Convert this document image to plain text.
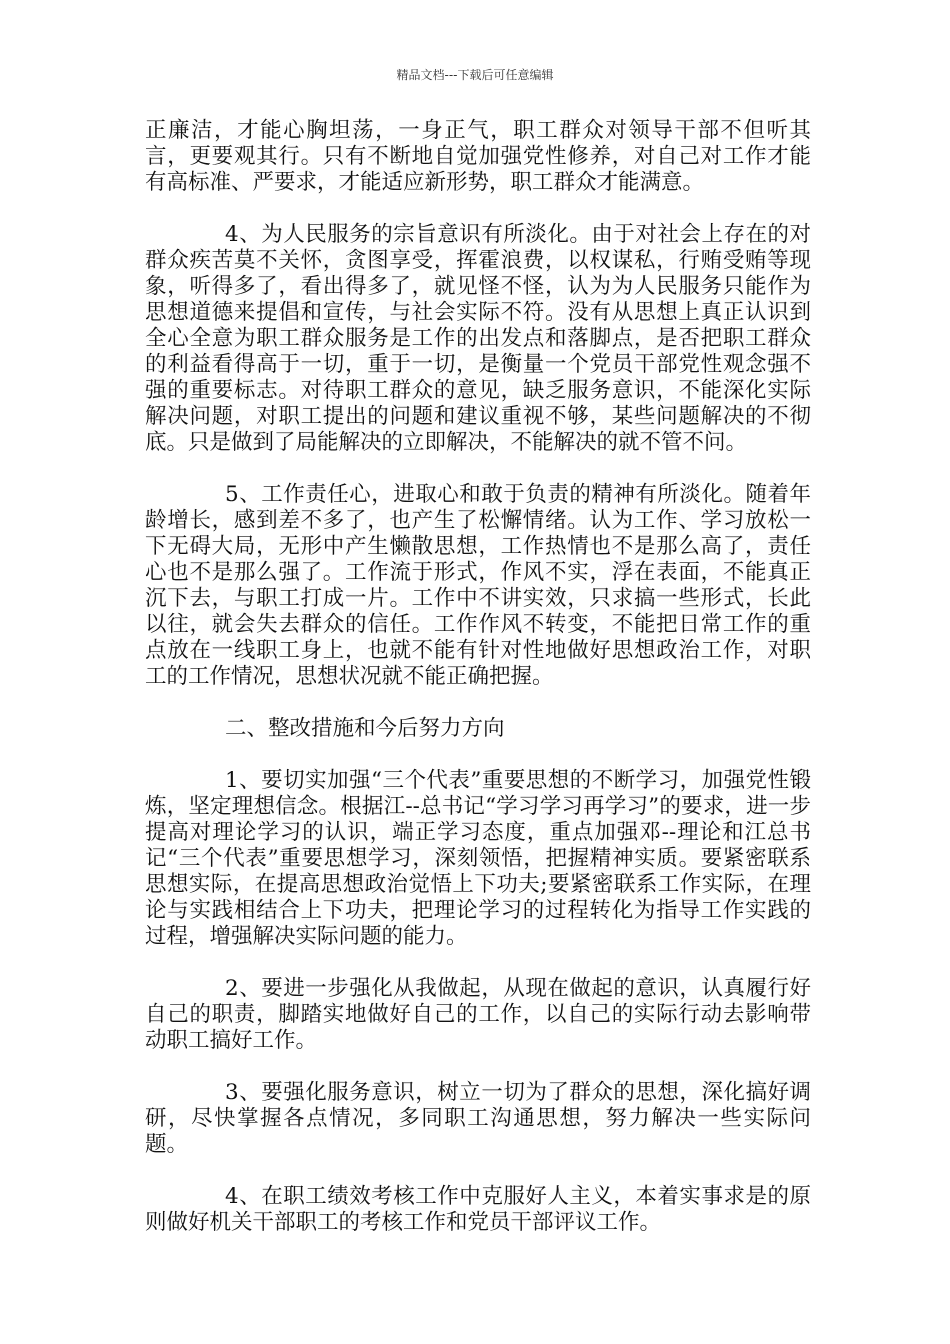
精品文档---下载后可任意编辑

正廉洁，才能心胸坦荡，一身正气，职工群众对领导干部不但听其言，更要观其行。只有不断地自觉加强党性修养，对自己对工作才能有高标准、严要求，才能适应新形势，职工群众才能满意。

4、为人民服务的宗旨意识有所淡化。由于对社会上存在的对群众疾苦莫不关怀，贪图享受，挥霍浪费，以权谋私，行贿受贿等现象，听得多了，看出得多了，就见怪不怪，认为为人民服务只能作为思想道德来提倡和宣传，与社会实际不符。没有从思想上真正认识到全心全意为职工群众服务是工作的出发点和落脚点，是否把职工群众的利益看得高于一切，重于一切，是衡量一个党员干部党性观念强不强的重要标志。对待职工群众的意见，缺乏服务意识，不能深化实际解决问题，对职工提出的问题和建议重视不够，某些问题解决的不彻底。只是做到了局能解决的立即解决，不能解决的就不管不问。

5、工作责任心，进取心和敢于负责的精神有所淡化。随着年龄增长，感到差不多了，也产生了松懈情绪。认为工作、学习放松一下无碍大局，无形中产生懒散思想，工作热情也不是那么高了，责任心也不是那么强了。工作流于形式，作风不实，浮在表面，不能真正沉下去，与职工打成一片。工作中不讲实效，只求搞一些形式，长此以往，就会失去群众的信任。工作作风不转变，不能把日常工作的重点放在一线职工身上，也就不能有针对性地做好思想政治工作，对职工的工作情况，思想状况就不能正确把握。

二、整改措施和今后努力方向

1、要切实加强“三个代表”重要思想的不断学习，加强党性锻炼，坚定理想信念。根据江--总书记“学习学习再学习”的要求，进一步提高对理论学习的认识，端正学习态度，重点加强邓--理论和江总书记“三个代表”重要思想学习，深刻领悟，把握精神实质。要紧密联系思想实际，在提高思想政治觉悟上下功夫;要紧密联系工作实际，在理论与实践相结合上下功夫，把理论学习的过程转化为指导工作实践的过程，增强解决实际问题的能力。

2、要进一步强化从我做起，从现在做起的意识，认真履行好自己的职责，脚踏实地做好自己的工作，以自己的实际行动去影响带动职工搞好工作。

3、要强化服务意识，树立一切为了群众的思想，深化搞好调研，尽快掌握各点情况，多同职工沟通思想，努力解决一些实际问题。

4、在职工绩效考核工作中克服好人主义，本着实事求是的原则做好机关干部职工的考核工作和党员干部评议工作。
